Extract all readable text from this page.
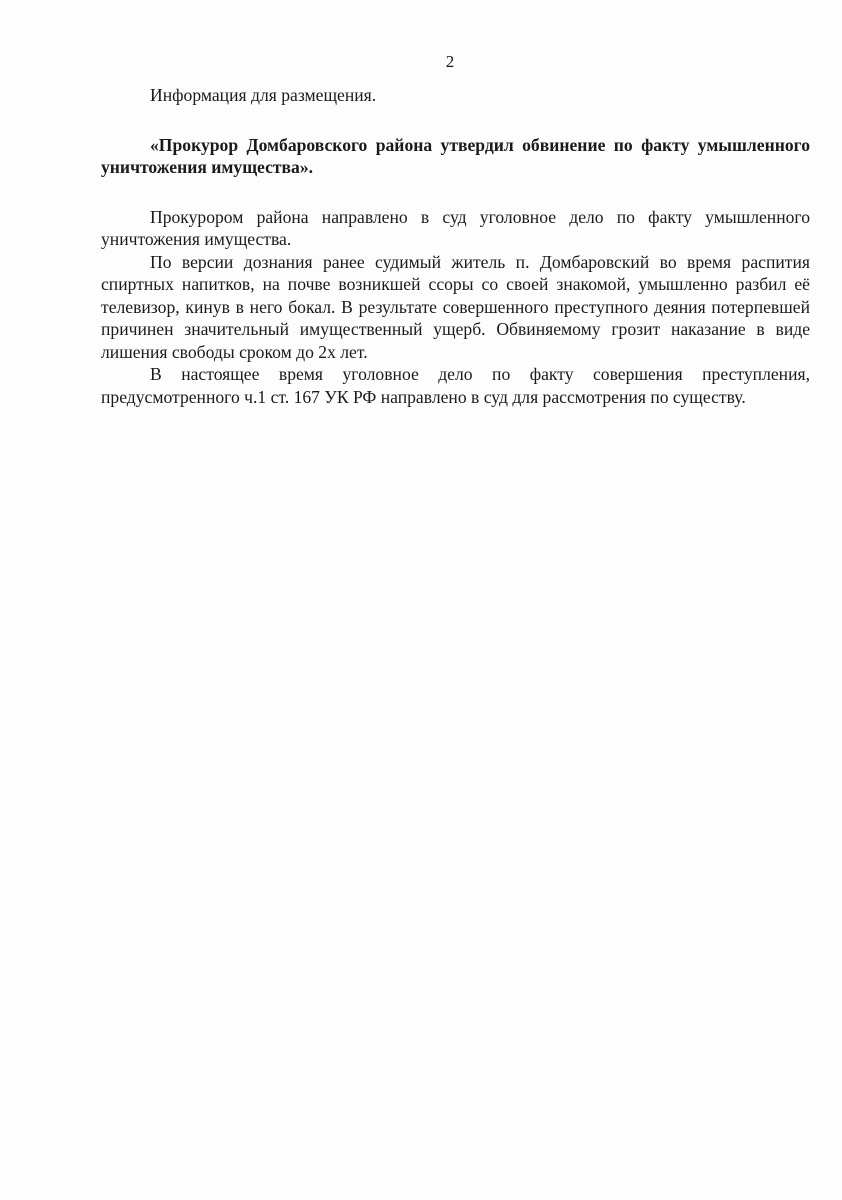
2

Информация для размещения.

«Прокурор Домбаровского района утвердил обвинение по факту умышленного уничтожения имущества».

Прокурором района направлено в суд уголовное дело по факту умышленного уничтожения имущества.

По версии дознания ранее судимый житель п. Домбаровский во время распития спиртных напитков, на почве возникшей ссоры со своей знакомой, умышленно разбил её телевизор, кинув в него бокал. В результате совершенного преступного деяния потерпевшей причинен значительный имущественный ущерб. Обвиняемому грозит наказание в виде лишения свободы сроком до 2х лет.

В настоящее время уголовное дело по факту совершения преступления, предусмотренного ч.1 ст. 167 УК РФ направлено в суд для рассмотрения по существу.
